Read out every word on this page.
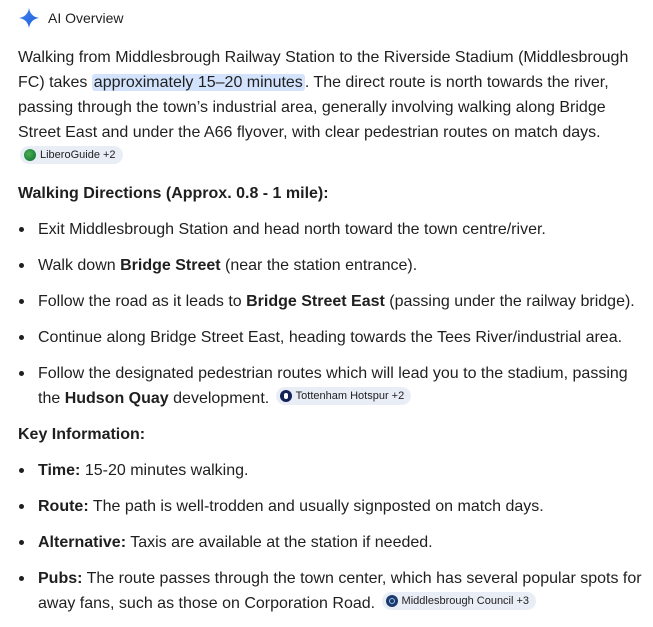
AI Overview

Walking from Middlesbrough Railway Station to the Riverside Stadium (Middlesbrough FC) takes approximately 15–20 minutes . The direct route is north towards the river, passing through the town’s industrial area, generally involving walking along Bridge Street East and under the A66 flyover, with clear pedestrian routes on match days.
LiberoGuide +2

Walking Directions (Approx. 0.8 - 1 mile):
Exit Middlesbrough Station and head north toward the town centre/river.
Walk down Bridge Street (near the station entrance).
Follow the road as it leads to Bridge Street East (passing under the railway bridge).
Continue along Bridge Street East, heading towards the Tees River/industrial area.
Follow the designated pedestrian routes which will lead you to the stadium, passing the Hudson Quay development. Tottenham Hotspur +2
Key Information:
Time: 15-20 minutes walking.
Route: The path is well-trodden and usually signposted on match days.
Alternative: Taxis are available at the station if needed.
Pubs: The route passes through the town center, which has several popular spots for away fans, such as those on Corporation Road. Middlesbrough Council +3
